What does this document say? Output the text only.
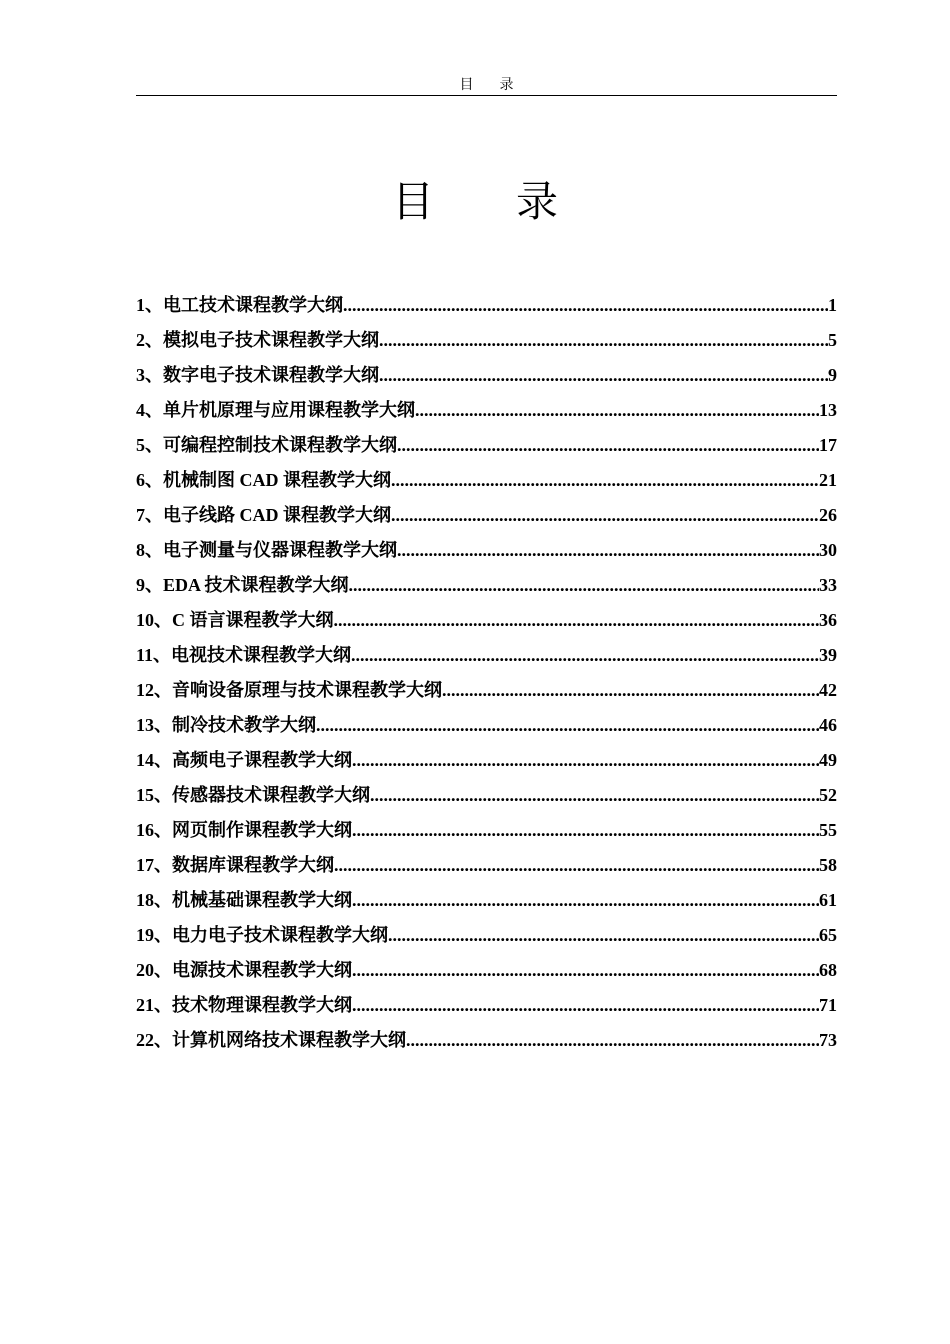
目录
目录
1、电工技术课程教学大纲 .....	1
2、模拟电子技术课程教学大纲 .....	5
3、数字电子技术课程教学大纲 .....	9
4、单片机原理与应用课程教学大纲 .....	13
5、可编程控制技术课程教学大纲 .....	17
6、机械制图 CAD 课程教学大纲 .....	21
7、电子线路 CAD 课程教学大纲 .....	26
8、电子测量与仪器课程教学大纲 .....	30
9、EDA 技术课程教学大纲 .....	33
10、C 语言课程教学大纲 .....	36
11、电视技术课程教学大纲 .....	39
12、音响设备原理与技术课程教学大纲 .....	42
13、制冷技术教学大纲 .....	46
14、高频电子课程教学大纲 .....	49
15、传感器技术课程教学大纲 .....	52
16、网页制作课程教学大纲 .....	55
17、数据库课程教学大纲 .....	58
18、机械基础课程教学大纲 .....	61
19、电力电子技术课程教学大纲 .....	65
20、电源技术课程教学大纲 .....	68
21、技术物理课程教学大纲 .....	71
22、计算机网络技术课程教学大纲 .....	73
